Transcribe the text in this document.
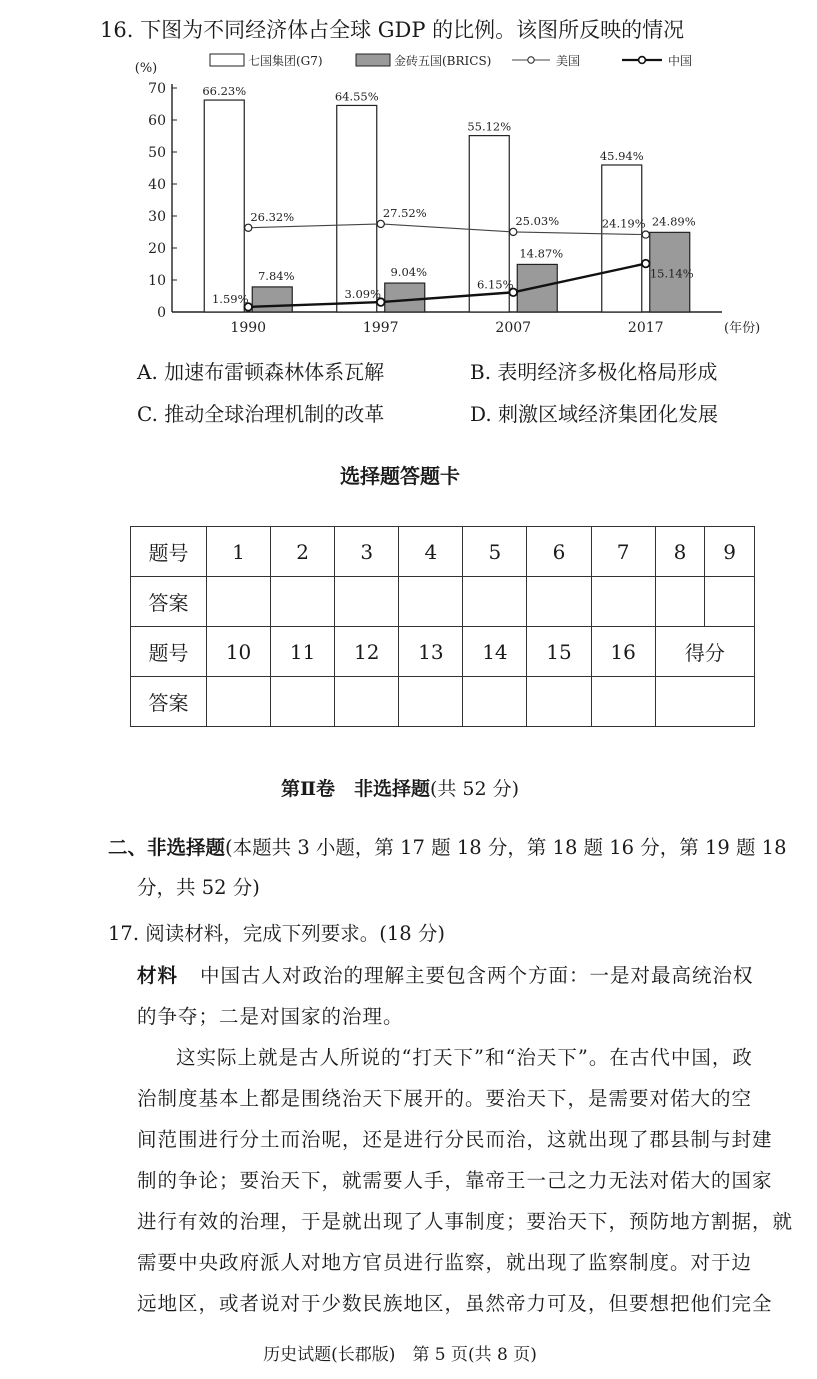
16. 下图为不同经济体占全球 GDP 的比例。该图所反映的情况
0
10
20
30
40
50
60
70
(%)
(年份)
1990	1997	2007	2017
66.23%
7.84%
64.55%
9.04%
55.12%
14.87%
45.94%
24.89%
26.32%	27.52%
25.03%	24.19%
1.59%	3.09%
6.15%
15.14%
七国集团(G7)	金砖五国(BRICS)	美国	中国
A. 加速布雷顿森林体系瓦解	B. 表明经济多极化格局形成
C. 推动全球治理机制的改革	D. 刺激区域经济集团化发展
选择题答题卡
题号	1	2	3	4	5	6	7	8	9
答案									
题号	10	11	12	13	14	15	16	得分	
答案									
第Ⅱ卷　非选择题(共 52 分)
二、非选择题(本题共 3 小题，第 17 题 18 分，第 18 题 16 分，第 19 题 18
分，共 52 分)
17. 阅读材料，完成下列要求。(18 分)
材料 中国古人对政治的理解主要包含两个方面：一是对最高统治权
的争夺；二是对国家的治理。
这实际上就是古人所说的“打天下”和“治天下”。在古代中国，政
治制度基本上都是围绕治天下展开的。要治天下，是需要对偌大的空
间范围进行分土而治呢，还是进行分民而治，这就出现了郡县制与封建
制的争论；要治天下，就需要人手，靠帝王一己之力无法对偌大的国家
进行有效的治理，于是就出现了人事制度；要治天下，预防地方割据，就
需要中央政府派人对地方官员进行监察，就出现了监察制度。对于边
远地区，或者说对于少数民族地区，虽然帝力可及，但要想把他们完全
历史试题(长郡版)　第 5 页(共 8 页)
